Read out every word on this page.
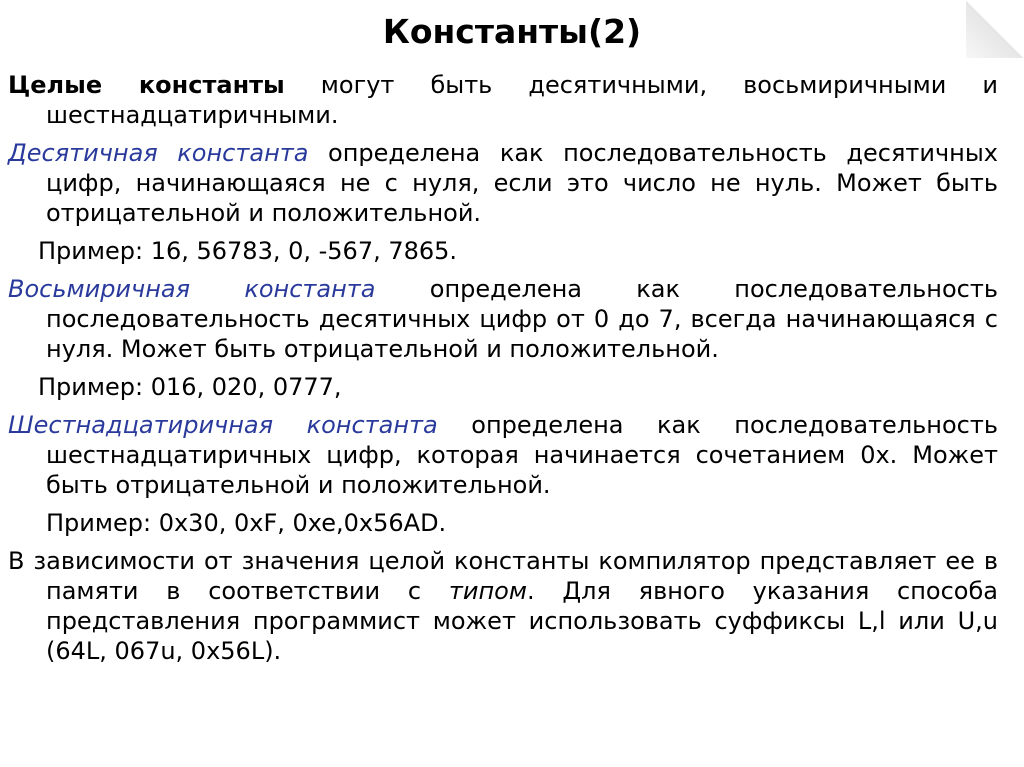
Константы(2)

Целые константы могут быть десятичными, восьмиричными и шестнадцатиричными.

Десятичная константа определена как последовательность десятичных цифр, начинающаяся не с нуля, если это число не нуль. Может быть отрицательной и положительной.

Пример: 16, 56783, 0, -567, 7865.

Восьмиричная константа определена как последовательность последовательность десятичных цифр от 0 до 7, всегда начинающаяся с нуля. Может быть отрицательной и положительной.

Пример: 016, 020, 0777,

Шестнадцатиричная константа определена как последовательность шестнадцатиричных цифр, которая начинается сочетанием 0x. Может быть отрицательной и положительной.

Пример: 0x30, 0xF, 0xe,0x56AD.

В зависимости от значения целой константы компилятор представляет ее в памяти в соответствии с типом. Для явного указания способа представления программист может использовать суффиксы L,l или U,u (64L, 067u, 0x56L).
